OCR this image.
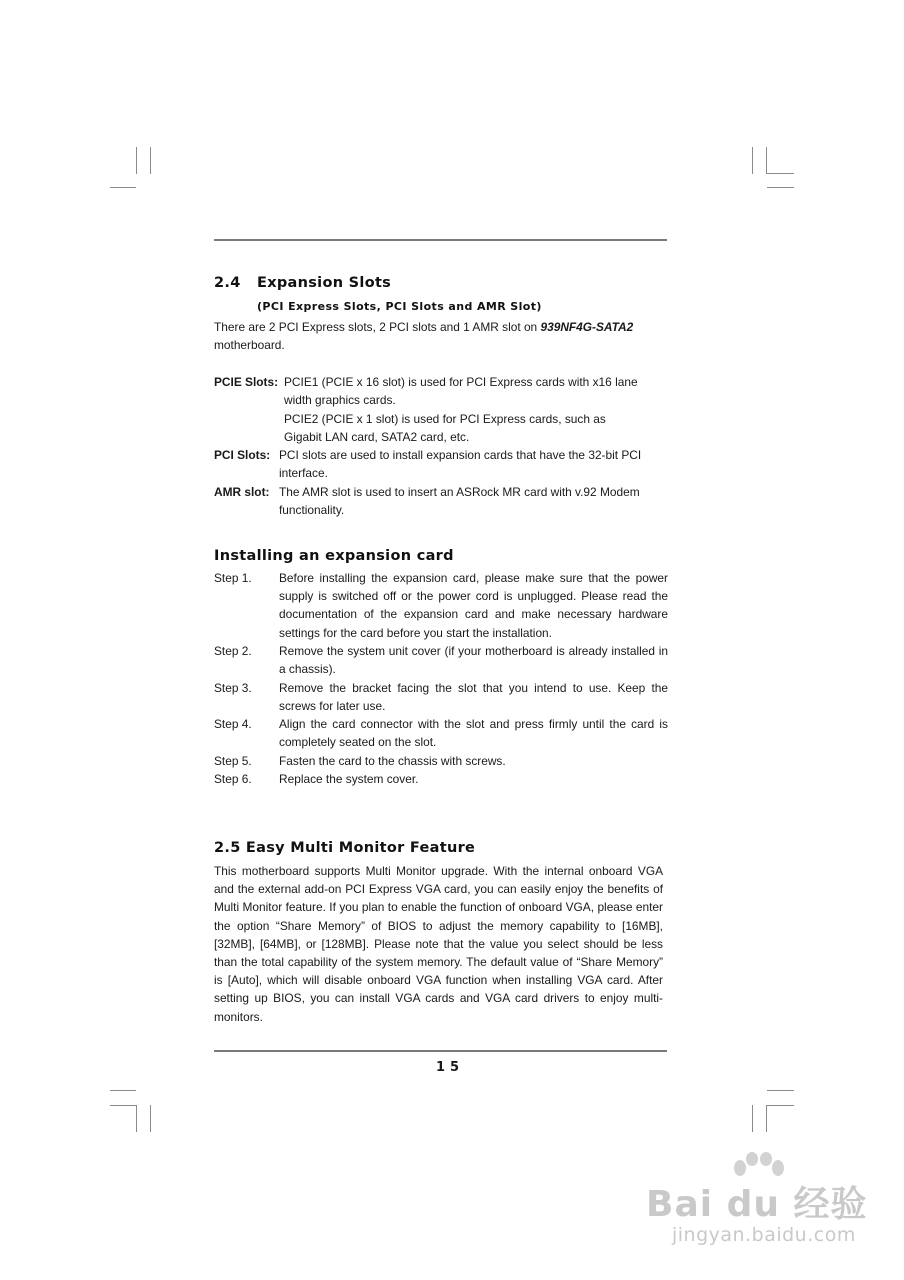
2.4 Expansion Slots
(PCI Express Slots, PCI Slots and AMR Slot)

There are 2 PCI Express slots, 2 PCI slots and 1 AMR slot on 939NF4G-SATA2

motherboard.

PCIE Slots: PCIE1 (PCIE x 16 slot) is used for PCI Express cards with x16 lane
width graphics cards.
PCIE2 (PCIE x 1 slot) is used for PCI Express cards, such as
Gigabit LAN card, SATA2 card, etc.
PCI Slots: PCI slots are used to install expansion cards that have the 32-bit PCI
interface.
AMR slot: The AMR slot is used to insert an ASRock MR card with v.92 Modem
functionality.
Installing an expansion card
Step 1. Before installing the expansion card, please make sure that the power supply is switched off or the power cord is unplugged. Please read the documentation of the expansion card and make necessary hardware settings for the card before you start the installation.
Step 2. Remove the system unit cover (if your motherboard is already installed in a chassis).
Step 3. Remove the bracket facing the slot that you intend to use. Keep the screws for later use.
Step 4. Align the card connector with the slot and press firmly until the card is completely seated on the slot.
Step 5. Fasten the card to the chassis with screws.
Step 6. Replace the system cover.
2.5 Easy Multi Monitor Feature
This motherboard supports Multi Monitor upgrade. With the internal onboard VGA and the external add-on PCI Express VGA card, you can easily enjoy the benefits of Multi Monitor feature. If you plan to enable the function of onboard VGA, please enter the option “Share Memory” of BIOS to adjust the memory capability to [16MB], [32MB], [64MB], or [128MB]. Please note that the value you select should be less than the total capability of the system memory. The default value of “Share Memory” is [Auto], which will disable onboard VGA function when installing VGA card. After setting up BIOS, you can install VGA cards and VGA card drivers to enjoy multi-monitors.
15
Bai du 经验
jingyan.baidu.com
